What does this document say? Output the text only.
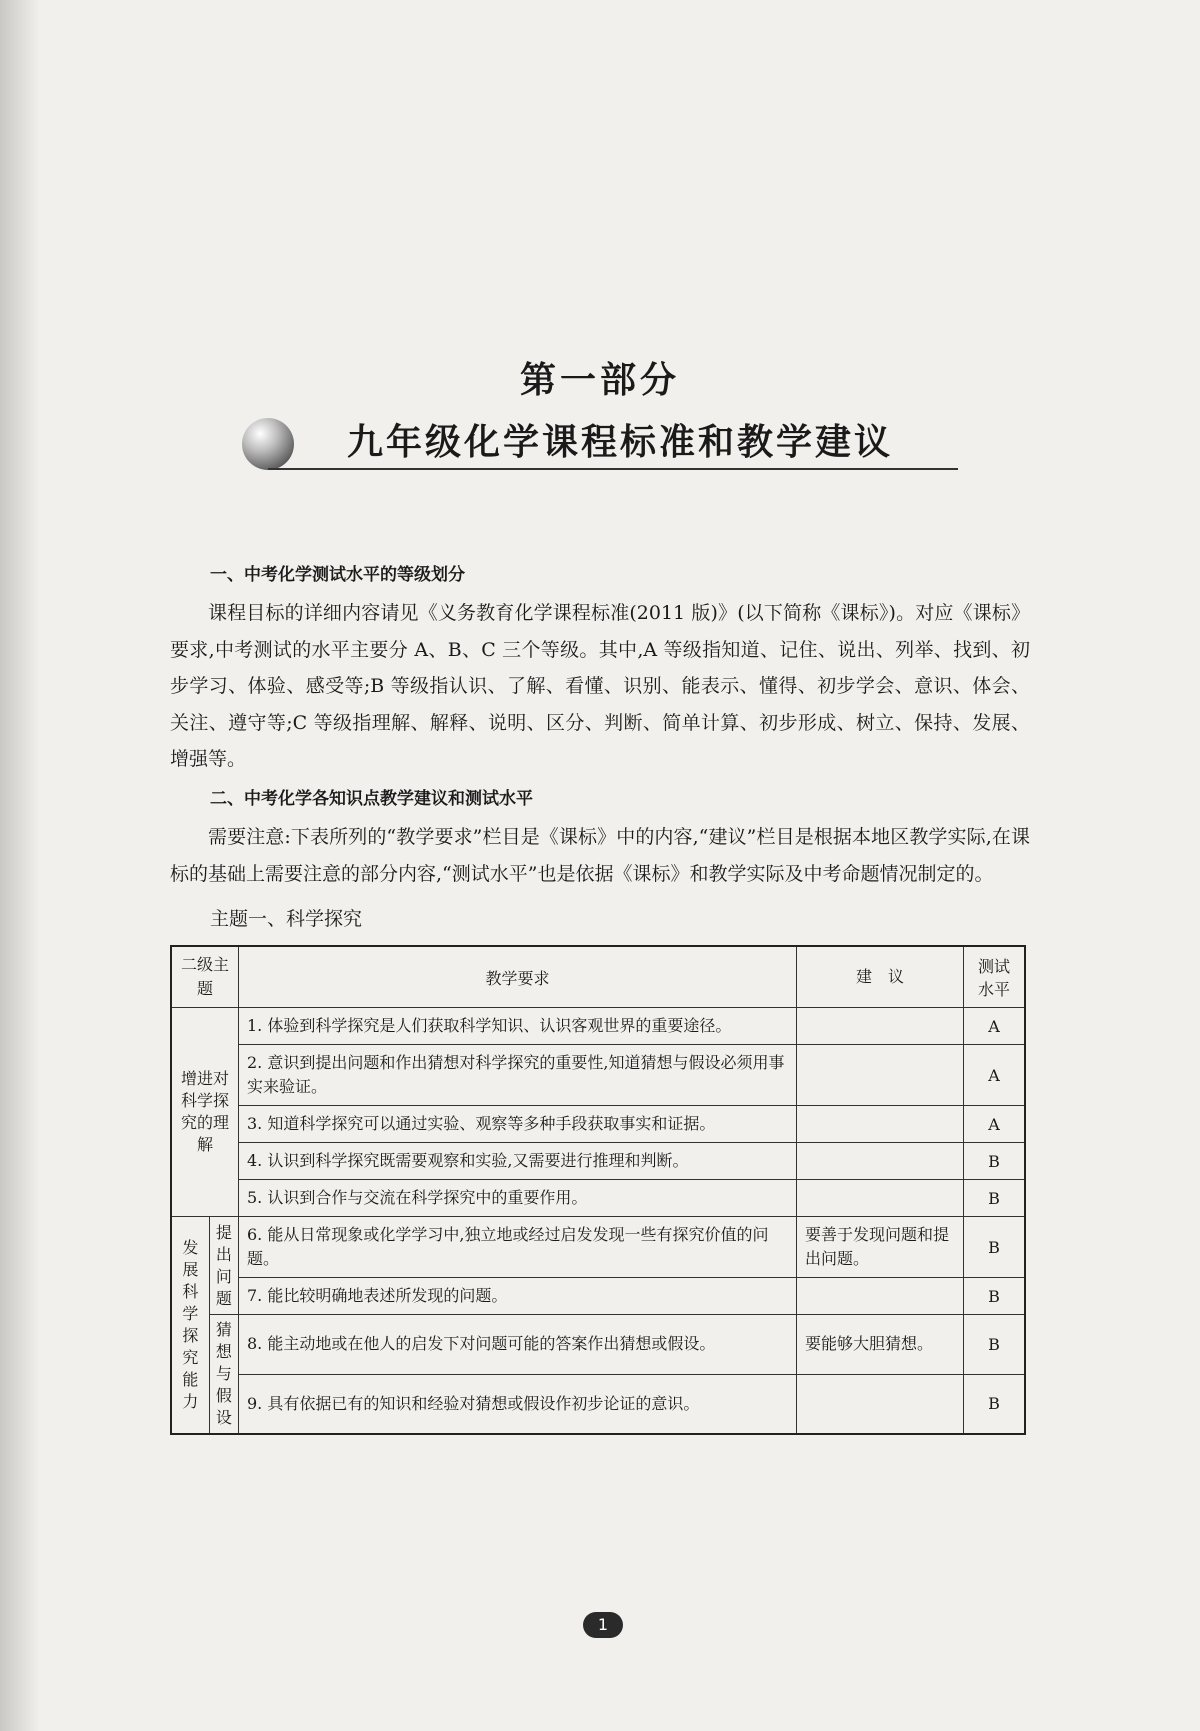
第一部分
九年级化学课程标准和教学建议
一、中考化学测试水平的等级划分

课程目标的详细内容请见《义务教育化学课程标准(2011 版)》(以下简称《课标》)。对应《课标》要求,中考测试的水平主要分 A、B、C 三个等级。其中,A 等级指知道、记住、说出、列举、找到、初步学习、体验、感受等;B 等级指认识、了解、看懂、识别、能表示、懂得、初步学会、意识、体会、关注、遵守等;C 等级指理解、解释、说明、区分、判断、简单计算、初步形成、树立、保持、发展、增强等。

二、中考化学各知识点教学建议和测试水平

需要注意:下表所列的“教学要求”栏目是《课标》中的内容,“建议”栏目是根据本地区教学实际,在课标的基础上需要注意的部分内容,“测试水平”也是依据《课标》和教学实际及中考命题情况制定的。

主题一、科学探究
二级主题		教学要求	建　议	测试水平
增进对科学探究的理解		1. 体验到科学探究是人们获取科学知识、认识客观世界的重要途径。		A
		2. 意识到提出问题和作出猜想对科学探究的重要性,知道猜想与假设必须用事实来验证。		A
		3. 知道科学探究可以通过实验、观察等多种手段获取事实和证据。		A
		4. 认识到科学探究既需要观察和实验,又需要进行推理和判断。		B
		5. 认识到合作与交流在科学探究中的重要作用。		B
发展科学探究能力	提出问题	6. 能从日常现象或化学学习中,独立地或经过启发发现一些有探究价值的问题。	要善于发现问题和提出问题。	B
		7. 能比较明确地表述所发现的问题。		B
	猜想与假设	8. 能主动地或在他人的启发下对问题可能的答案作出猜想或假设。	要能够大胆猜想。	B
		9. 具有依据已有的知识和经验对猜想或假设作初步论证的意识。		B
1
